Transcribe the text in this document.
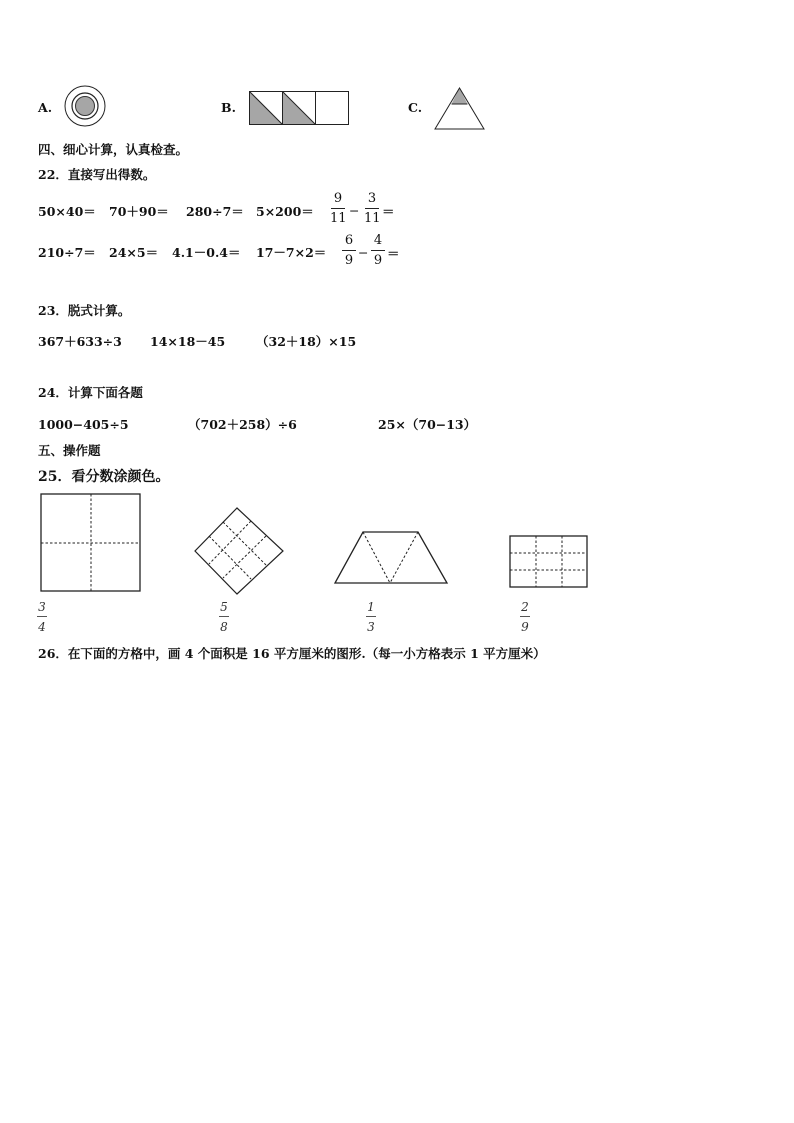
A.	B.	C.
四、细心计算，认真检查。
22．直接写出得数。
50×40＝ 70＋90＝ 280÷7＝ 5×200＝
9
11
−
3
11 ＝
210÷7＝ 24×5＝ 4.1－0.4＝ 17－7×2＝
6
9
−
4
9 ＝
23．脱式计算。
367＋633÷3 14×18－45 （32＋18）×15
24．计算下面各题
1000−405÷5	（702＋258）÷6	25×（70−13）
五、操作题
25．看分数涂颜色。
3
4
5
8
1
3
2
9
26．在下面的方格中，画 4 个面积是 16 平方厘米的图形.（每一小方格表示 1 平方厘米）
